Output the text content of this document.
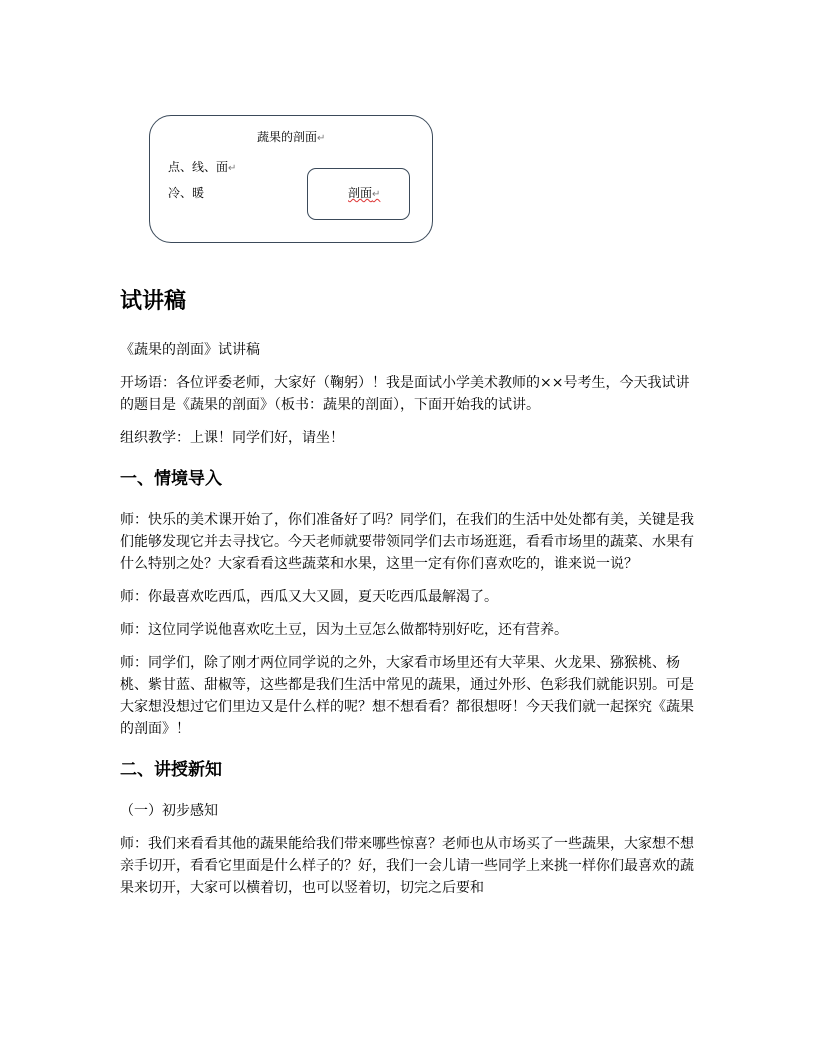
蔬果的剖面↵
点、线、面↵
冷、暖	剖面↵
试讲稿

《蔬果的剖面》试讲稿

开场语：各位评委老师，大家好（鞠躬）！我是面试小学美术教师的××号考生，今天我试讲的题目是《蔬果的剖面》（板书：蔬果的剖面），下面开始我的试讲。

组织教学：上课！同学们好，请坐！

一、情境导入

师：快乐的美术课开始了，你们准备好了吗？同学们，在我们的生活中处处都有美，关键是我们能够发现它并去寻找它。今天老师就要带领同学们去市场逛逛，看看市场里的蔬菜、水果有什么特别之处？大家看看这些蔬菜和水果，这里一定有你们喜欢吃的，谁来说一说？

师：你最喜欢吃西瓜，西瓜又大又圆，夏天吃西瓜最解渴了。

师：这位同学说他喜欢吃土豆，因为土豆怎么做都特别好吃，还有营养。

师：同学们，除了刚才两位同学说的之外，大家看市场里还有大苹果、火龙果、猕猴桃、杨桃、紫甘蓝、甜椒等，这些都是我们生活中常见的蔬果，通过外形、色彩我们就能识别。可是大家想没想过它们里边又是什么样的呢？想不想看看？都很想呀！今天我们就一起探究《蔬果的剖面》！

二、讲授新知

（一）初步感知

师：我们来看看其他的蔬果能给我们带来哪些惊喜？老师也从市场买了一些蔬果，大家想不想亲手切开，看看它里面是什么样子的？好，我们一会儿请一些同学上来挑一样你们最喜欢的蔬果来切开，大家可以横着切，也可以竖着切，切完之后要和
